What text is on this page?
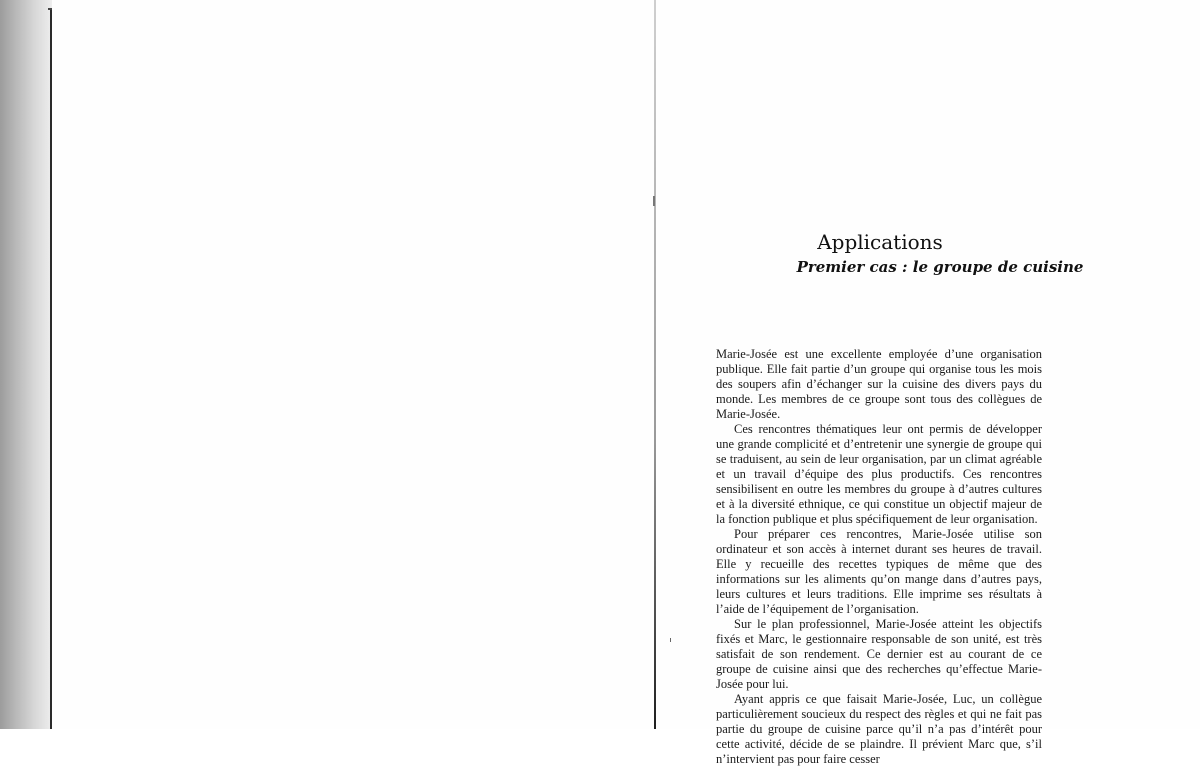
Applications
Premier cas : le groupe de cuisine

Marie-Josée est une excellente employée d’une organisation publique. Elle fait partie d’un groupe qui organise tous les mois des soupers afin d’échanger sur la cuisine des divers pays du monde. Les membres de ce groupe sont tous des collègues de Marie-Josée.

Ces rencontres thématiques leur ont permis de développer une grande complicité et d’entretenir une synergie de groupe qui se traduisent, au sein de leur organisation, par un climat agréable et un travail d’équipe des plus productifs. Ces rencontres sensibilisent en outre les membres du groupe à d’autres cultures et à la diversité ethnique, ce qui constitue un objectif majeur de la fonction publique et plus spécifiquement de leur organisation.

Pour préparer ces rencontres, Marie-Josée utilise son ordinateur et son accès à internet durant ses heures de travail. Elle y recueille des recettes typiques de même que des informations sur les aliments qu’on mange dans d’autres pays, leurs cultures et leurs traditions. Elle imprime ses résultats à l’aide de l’équipement de l’organisation.

Sur le plan professionnel, Marie-Josée atteint les objectifs fixés et Marc, le gestionnaire responsable de son unité, est très satisfait de son rendement. Ce dernier est au courant de ce groupe de cuisine ainsi que des recherches qu’effectue Marie-Josée pour lui.

Ayant appris ce que faisait Marie-Josée, Luc, un collègue particulièrement soucieux du respect des règles et qui ne fait pas partie du groupe de cuisine parce qu’il n’a pas d’intérêt pour cette activité, décide de se plaindre. Il prévient Marc que, s’il n’intervient pas pour faire cesser
